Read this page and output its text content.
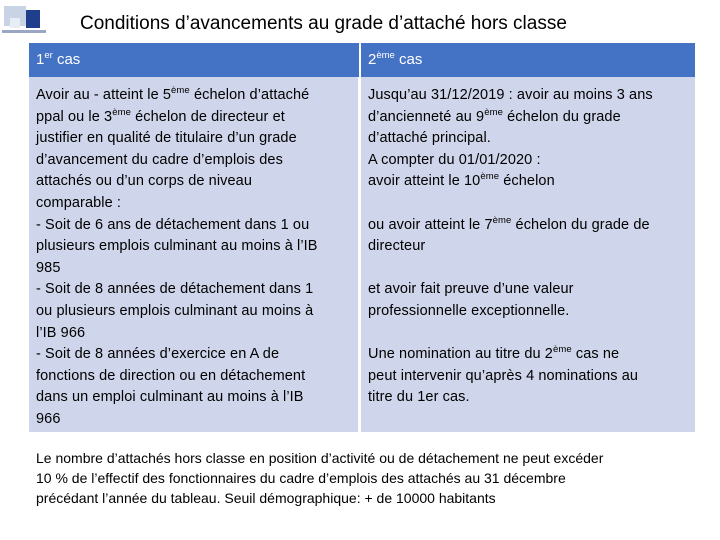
Conditions d’avancements au grade d’attaché hors classe
1er cas	2ème cas

Avoir au - atteint le 5ème échelon d’attaché

ppal ou le 3ème échelon de directeur et

justifier en qualité de titulaire d’un grade

d’avancement du cadre d’emplois des

attachés ou d’un corps de niveau

comparable :

- Soit de 6 ans de détachement dans 1 ou

plusieurs emplois culminant au moins à l’IB

985

- Soit de 8 années de détachement dans 1

ou plusieurs emplois culminant au moins à

l’IB 966

- Soit de 8 années d’exercice en A de

fonctions de direction ou en détachement

dans un emploi culminant au moins à l’IB

966

Jusqu’au 31/12/2019 : avoir au moins 3 ans

d’ancienneté au 9ème échelon du grade

d’attaché principal.

A compter du 01/01/2020 :

avoir atteint le 10ème échelon

ou avoir atteint le 7ème échelon du grade de

directeur

et avoir fait preuve d’une valeur

professionnelle exceptionnelle.

Une nomination au titre du 2ème cas ne

peut intervenir qu’après 4 nominations au

titre du 1er cas.

Le nombre d’attachés hors classe en position d’activité ou de détachement ne peut excéder
10 % de l’effectif des fonctionnaires du cadre d’emplois des attachés au 31 décembre
précédant l’année du tableau. Seuil démographique: + de 10000 habitants
